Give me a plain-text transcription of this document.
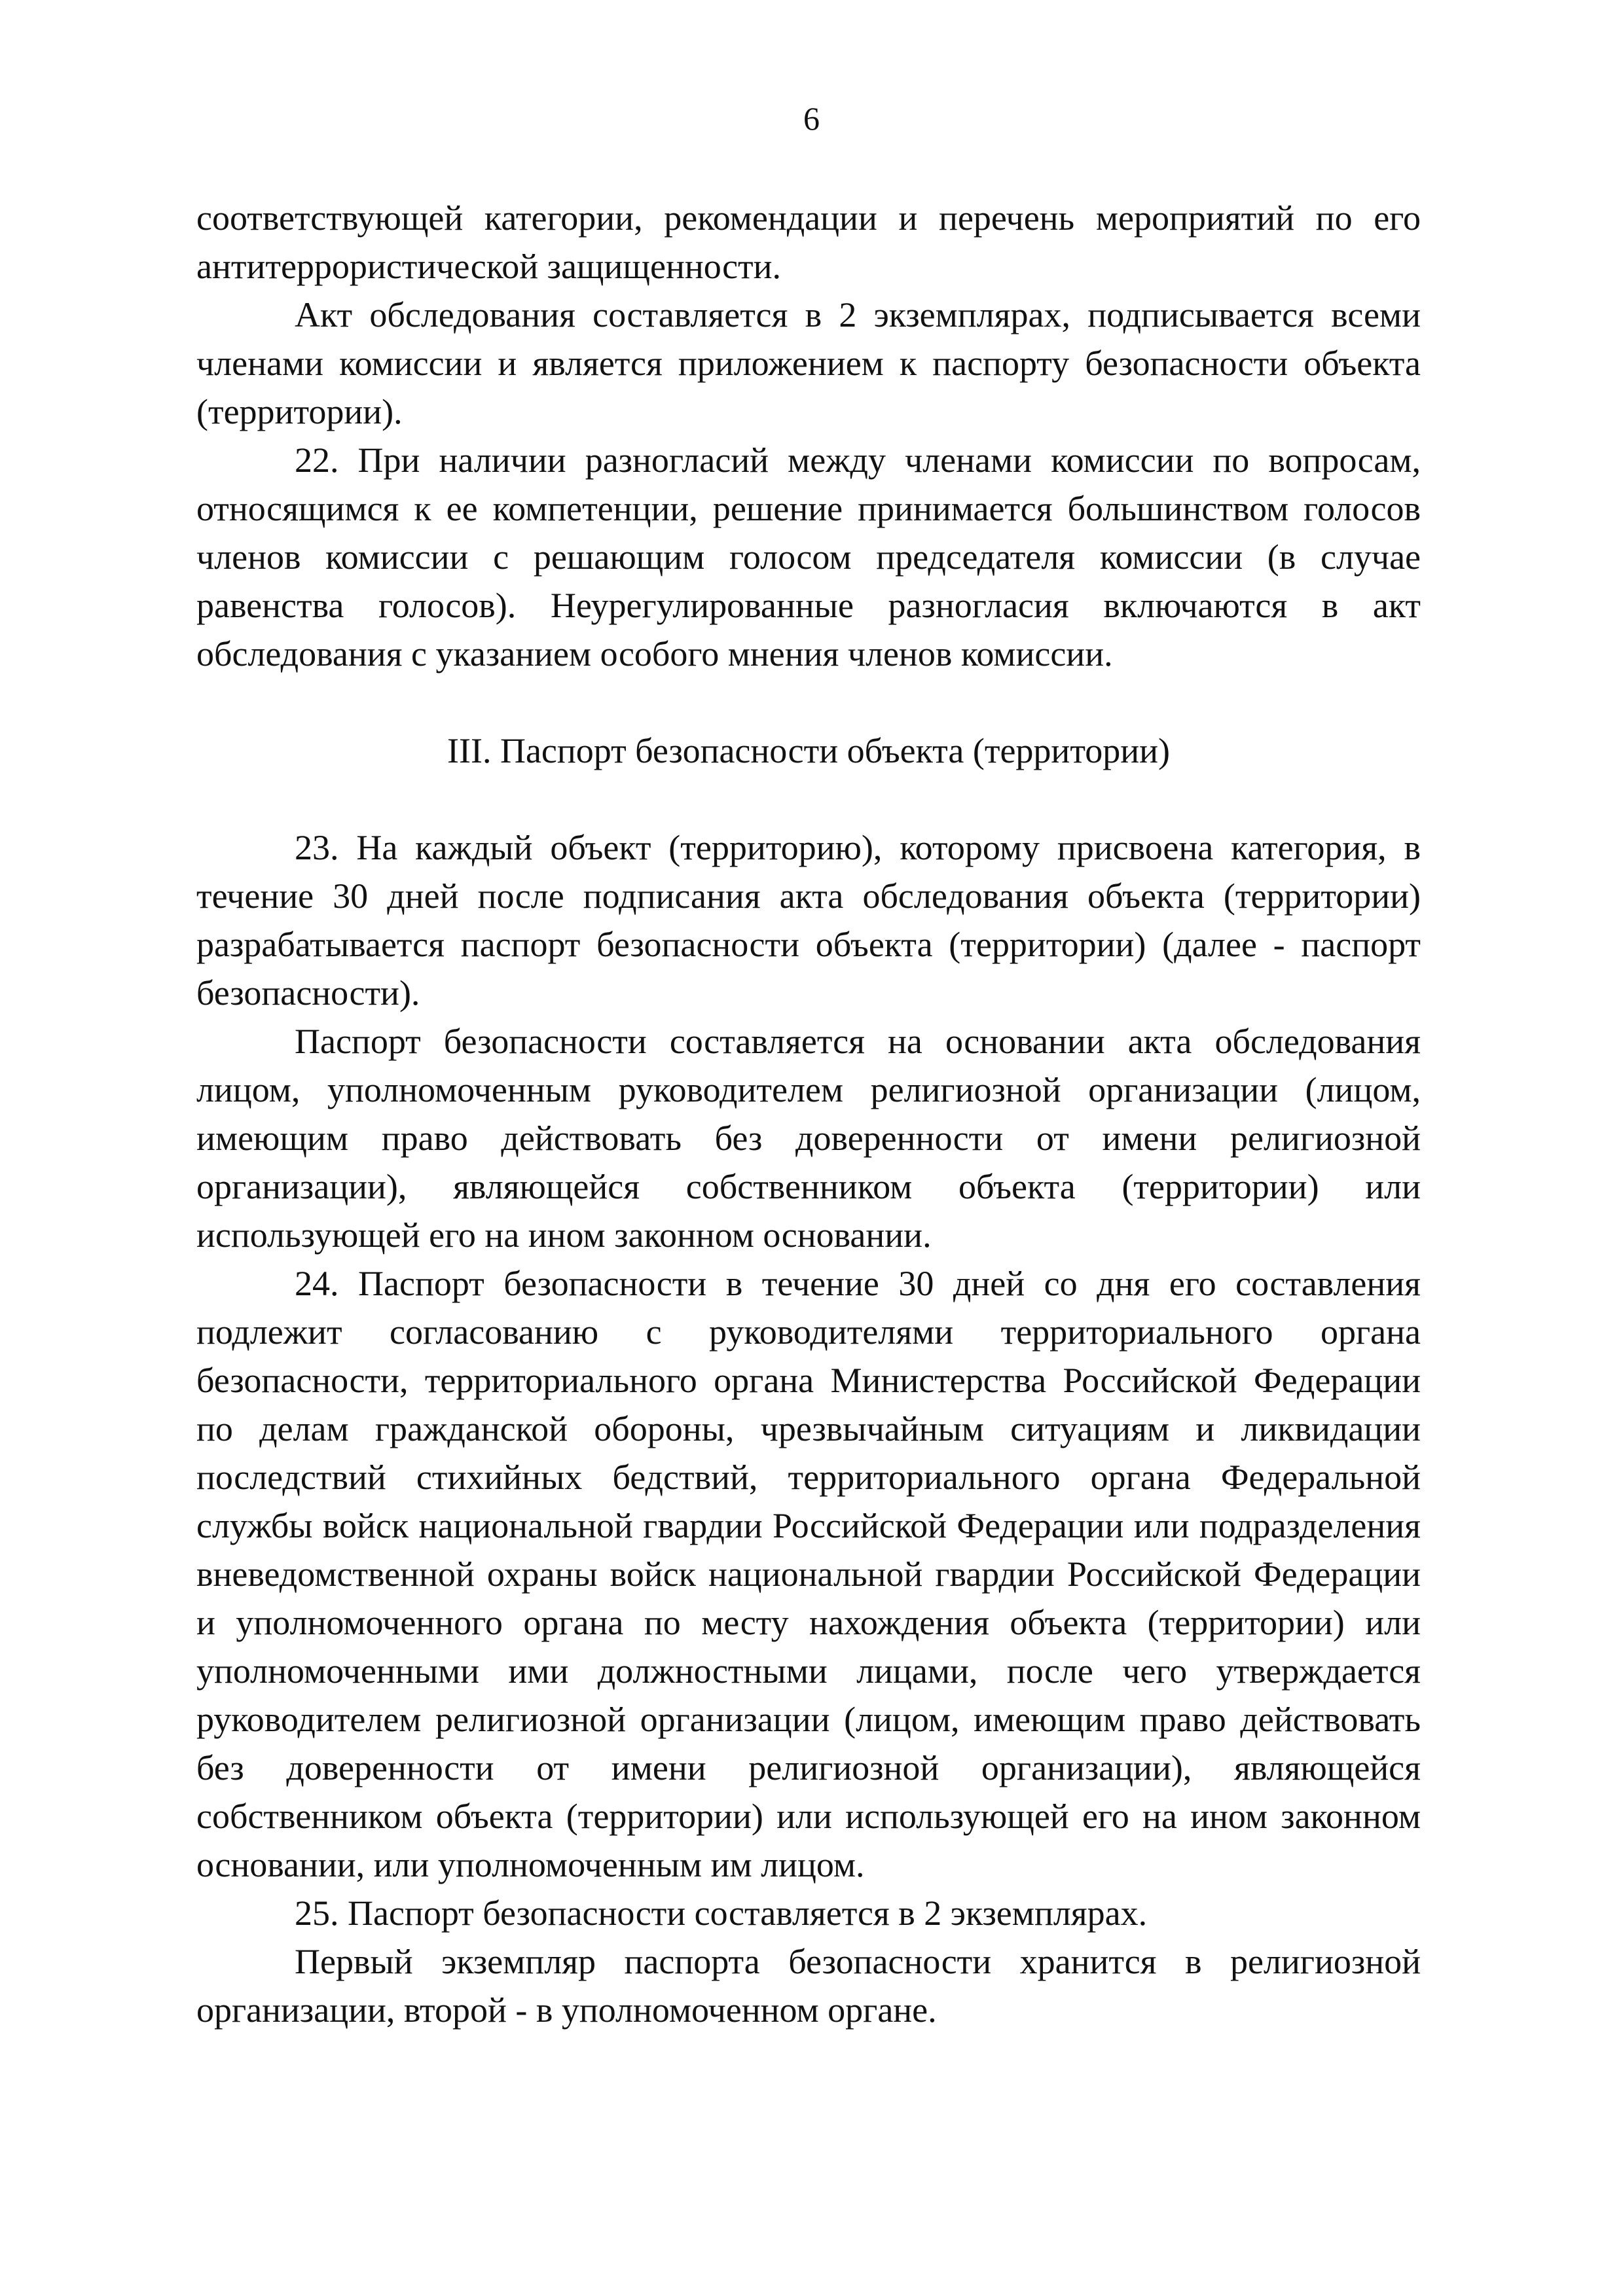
6

соответствующей категории, рекомендации и перечень мероприятий по его антитеррористической защищенности.

Акт обследования составляется в 2 экземплярах, подписывается всеми членами комиссии и является приложением к паспорту безопасности объекта (территории).

22. При наличии разногласий между членами комиссии по вопросам, относящимся к ее компетенции, решение принимается большинством голосов членов комиссии с решающим голосом председателя комиссии (в случае равенства голосов). Неурегулированные разногласия включаются в акт обследования с указанием особого мнения членов комиссии.

III. Паспорт безопасности объекта (территории)

23. На каждый объект (территорию), которому присвоена категория, в течение 30 дней после подписания акта обследования объекта (территории) разрабатывается паспорт безопасности объекта (территории) (далее - паспорт безопасности).

Паспорт безопасности составляется на основании акта обследования лицом, уполномоченным руководителем религиозной организации (лицом, имеющим право действовать без доверенности от имени религиозной организации), являющейся собственником объекта (территории) или использующей его на ином законном основании.

24. Паспорт безопасности в течение 30 дней со дня его составления подлежит согласованию с руководителями территориального органа безопасности, территориального органа Министерства Российской Федерации по делам гражданской обороны, чрезвычайным ситуациям и ликвидации последствий стихийных бедствий, территориального органа Федеральной службы войск национальной гвардии Российской Федерации или подразделения вневедомственной охраны войск национальной гвардии Российской Федерации и уполномоченного органа по месту нахождения объекта (территории) или уполномоченными ими должностными лицами, после чего утверждается руководителем религиозной организации (лицом, имеющим право действовать без доверенности от имени религиозной организации), являющейся собственником объекта (территории) или использующей его на ином законном основании, или уполномоченным им лицом.

25. Паспорт безопасности составляется в 2 экземплярах.

Первый экземпляр паспорта безопасности хранится в религиозной организации, второй - в уполномоченном органе.
